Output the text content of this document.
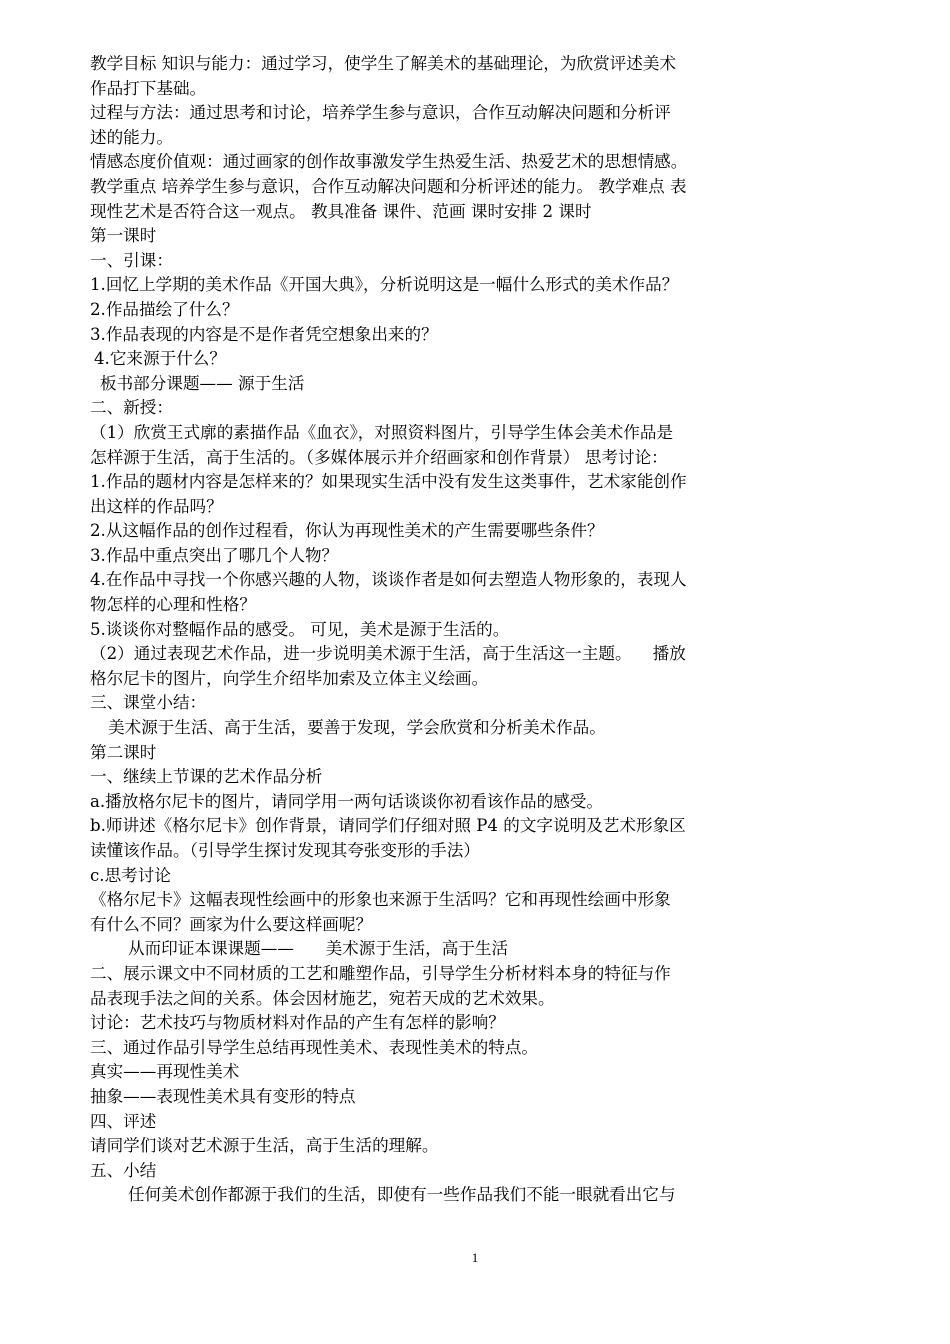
教学目标 知识与能力：通过学习，使学生了解美术的基础理论，为欣赏评述美术
作品打下基础。
过程与方法：通过思考和讨论，培养学生参与意识，合作互动解决问题和分析评
述的能力。
情感态度价值观：通过画家的创作故事激发学生热爱生活、热爱艺术的思想情感。
教学重点 培养学生参与意识，合作互动解决问题和分析评述的能力。 教学难点 表
现性艺术是否符合这一观点。 教具准备 课件、范画 课时安排 2 课时
第一课时
一、引课：
1.回忆上学期的美术作品《开国大典》，分析说明这是一幅什么形式的美术作品？
2.作品描绘了什么？
3.作品表现的内容是不是作者凭空想象出来的？
4.它来源于什么？
板书部分课题—— 源于生活
二、新授：
（1）欣赏王式廓的素描作品《血衣》，对照资料图片，引导学生体会美术作品是
怎样源于生活，高于生活的。（多媒体展示并介绍画家和创作背景） 思考讨论：
1.作品的题材内容是怎样来的？如果现实生活中没有发生这类事件，艺术家能创作
出这样的作品吗？
2.从这幅作品的创作过程看，你认为再现性美术的产生需要哪些条件？
3.作品中重点突出了哪几个人物？
4.在作品中寻找一个你感兴趣的人物，谈谈作者是如何去塑造人物形象的，表现人
物怎样的心理和性格？
5.谈谈你对整幅作品的感受。 可见，美术是源于生活的。
（2）通过表现艺术作品，进一步说明美术源于生活，高于生活这一主题。    播放
格尔尼卡的图片，向学生介绍毕加索及立体主义绘画。
三、课堂小结：
美术源于生活、高于生活，要善于发现，学会欣赏和分析美术作品。
第二课时
一、继续上节课的艺术作品分析
a.播放格尔尼卡的图片，请同学用一两句话谈谈你初看该作品的感受。
b.师讲述《格尔尼卡》创作背景，请同学们仔细对照 P4 的文字说明及艺术形象区
读懂该作品。（引导学生探讨发现其夸张变形的手法）
c.思考讨论
《格尔尼卡》这幅表现性绘画中的形象也来源于生活吗？它和再现性绘画中形象
有什么不同？画家为什么要这样画呢？
从而印证本课课题——      美术源于生活，高于生活
二、展示课文中不同材质的工艺和雕塑作品，引导学生分析材料本身的特征与作
品表现手法之间的关系。体会因材施艺，宛若天成的艺术效果。
讨论：艺术技巧与物质材料对作品的产生有怎样的影响？
三、通过作品引导学生总结再现性美术、表现性美术的特点。
真实——再现性美术
抽象——表现性美术具有变形的特点
四、评述
请同学们谈对艺术源于生活，高于生活的理解。
五、小结
任何美术创作都源于我们的生活，即使有一些作品我们不能一眼就看出它与
1
